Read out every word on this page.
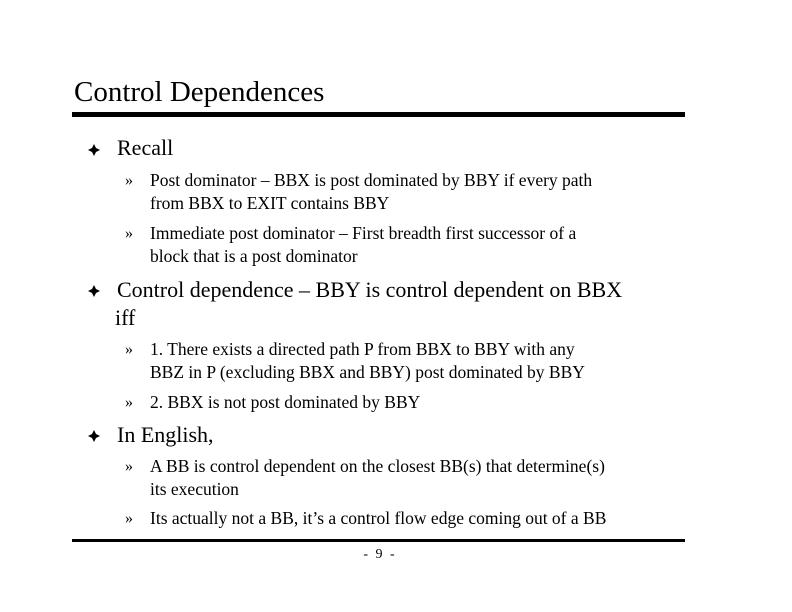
Control Dependences
Recall
» Post dominator – BBX is post dominated by BBY if every path
from BBX to EXIT contains BBY
» Immediate post dominator – First breadth first successor of a
block that is a post dominator
Control dependence – BBY is control dependent on BBX
iff
» 1. There exists a directed path P from BBX to BBY with any
BBZ in P (excluding BBX and BBY) post dominated by BBY
» 2. BBX is not post dominated by BBY
In English,
» A BB is control dependent on the closest BB(s) that determine(s)
its execution
» Its actually not a BB, it’s a control flow edge coming out of a BB
- 9 -
